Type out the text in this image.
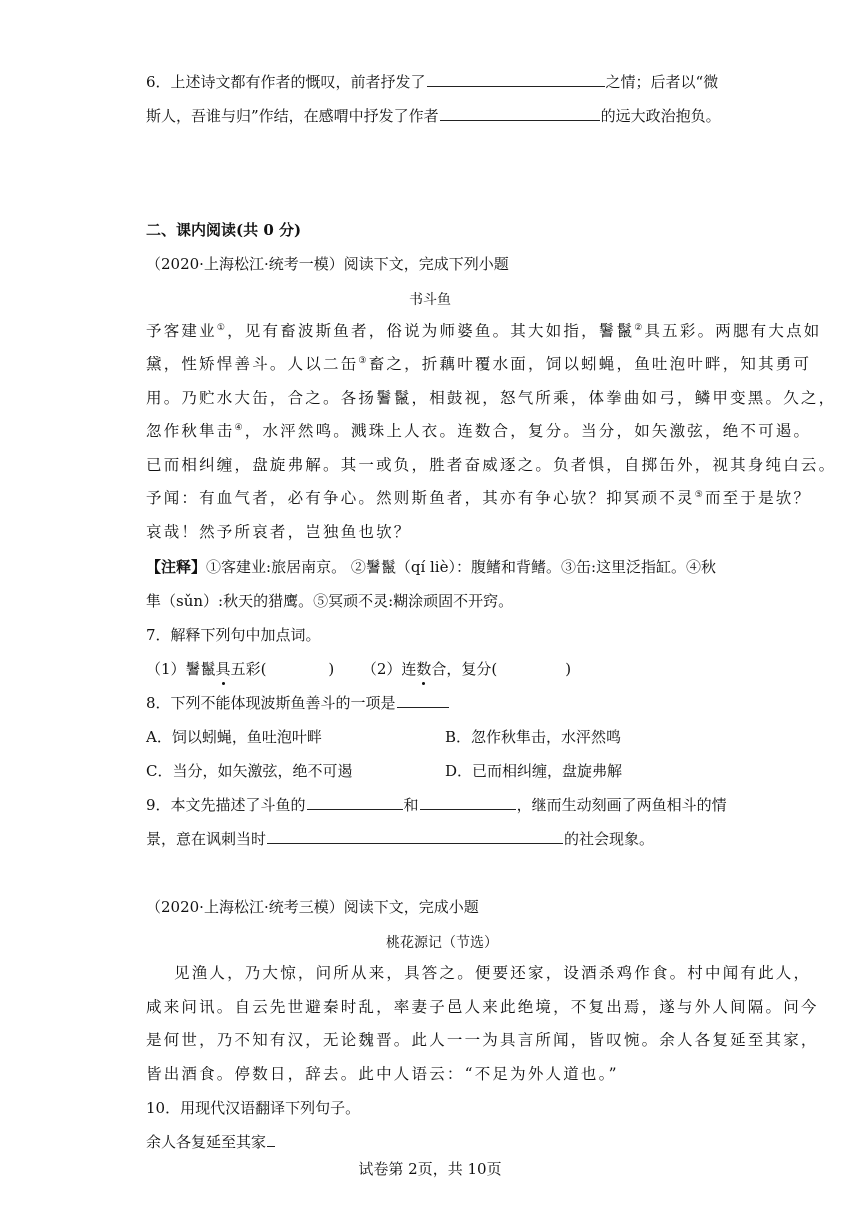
6．上述诗文都有作者的慨叹，前者抒发了	之情；后者以“微
斯人，吾谁与归”作结，在感喟中抒发了作者	的远大政治抱负。
二、课内阅读(共 0 分)
（2020·上海松江·统考一模）阅读下文，完成下列小题
书斗鱼
予客建业①，见有畜波斯鱼者，俗说为师婆鱼。其大如指，鬐鬣②具五彩。两腮有大点如
黛，性矫悍善斗。人以二缶③畜之，折藕叶覆水面，饲以蚓蝇，鱼吐泡叶畔，知其勇可
用。乃贮水大缶，合之。各扬鬐鬣，相鼓视，怒气所乘，体拳曲如弓，鳞甲变黑。久之，
忽作秋隼击④，水泙然鸣。溅珠上人衣。连数合，复分。当分，如矢激弦，绝不可遏。
已而相纠缠，盘旋弗解。其一或负，胜者奋威逐之。负者惧，自掷缶外，视其身纯白云。
予闻：有血气者，必有争心。然则斯鱼者，其亦有争心欤？抑冥顽不灵⑤而至于是欤？
哀哉！然予所哀者，岂独鱼也欤？
【注释】①客建业:旅居南京。 ②鬐鬣（qí liè）：腹鳍和背鳍。③缶:这里泛指缸。④秋
隼（sǔn）:秋天的猎鹰。⑤冥顽不灵:糊涂顽固不开窍。
7．解释下列句中加点词。
（1）鬐鬣具五彩(	) （2）连数合，复分(	)
8．下列不能体现波斯鱼善斗的一项是
A．饲以蚓蝇，鱼吐泡叶畔	B．忽作秋隼击，水泙然鸣
C．当分，如矢激弦，绝不可遏	D．已而相纠缠，盘旋弗解
9．本文先描述了斗鱼的	和	，继而生动刻画了两鱼相斗的情
景，意在讽刺当时	的社会现象。
（2020·上海松江·统考三模）阅读下文，完成小题
桃花源记（节选）
见渔人，乃大惊，问所从来，具答之。便要还家，设酒杀鸡作食。村中闻有此人，
咸来问讯。自云先世避秦时乱，率妻子邑人来此绝境，不复出焉，遂与外人间隔。问今
是何世，乃不知有汉，无论魏晋。此人一一为具言所闻，皆叹惋。余人各复延至其家，
皆出酒食。停数日，辞去。此中人语云：“不足为外人道也。”
10．用现代汉语翻译下列句子。
余人各复延至其家
试卷第 2页，共 10页
